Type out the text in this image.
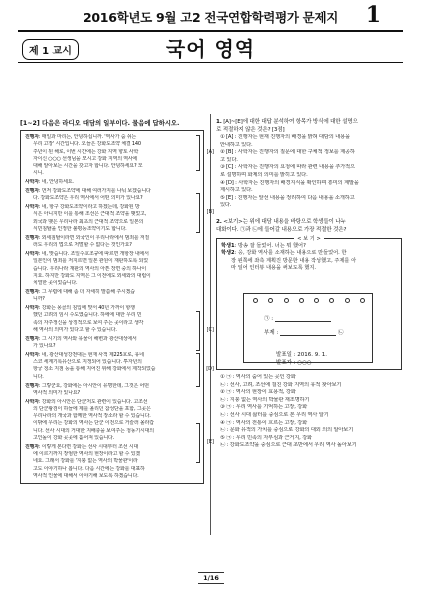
2016학년도 9월 고2 전국연합학력평가 문제지	1
제 1 교시	국어 영역
[1~2] 다음은 라디오 대담의 일부이다. 물음에 답하시오.
진행자: 매일과 마리는, 안녕하십니까. '역사가 숨 쉬는
우리 고장' 시간입니다. 오늘은 강화도조약 체결 140
주년이 된 해로, 이번 시간에는 강화 지역 향토 사학
자이신 ○○○ 선생님을 모시고 강화 지역의 역사에
대해 알아보는 시간을 갖고자 합니다. 안녕하세요? 모
시니.
사학자: 네, 안녕하세요.
진행자: 먼저 강화도조약에 대해 여러가지를 나눠 보겠습니다
다. 강화도조약은 우리 역사에서 어떤 의미가 있나요?
사학자: 네, 항구 강화도조약이라고 하겠는데, 강화된 방
식은 아니지만 이를 통해 조선은 근대적 조약을 맺었고,
외국과 맺은 우리나라 최초의 근대적 조약으로 일본의
식민침탈을 인정한 불평등조약이기도 합니다.
진행자: 외세침탈이라면 외국인이 우리나라에서 범죄를 저질
러도 우리의 법으로 처벌할 수 없다는 것인가요?
사학자: 네, 맞습니다. 조일수호조규에 따르면 개항장 내에서
일본인이 범죄를 저지르면 일본 관원이 재판하도록 되었
습니다. 우리나라 재판의 역사의 아픈 장면 중의 하나이
지요. 하지만 강화도 지역은 그 이전에도 외세와의 대립이
치열한 곳이었습니다.
진행자: 그 무렵에 대해 좀 더 자세히 말씀해 주시겠습
니까?
사학자: 강화는 몽골의 침입에 맞서 40년 가까이 항쟁
했던 고려의 임시 수도였습니다. 하에에 대한 우리 민
족의 자주정신을 상징적으로 보여 주는 곳이라고 생각
해 역사의 의미가 있다고 할 수 있습니다.
진행자: 그 시기의 역사와 유물이 해변과 광산대성에서
가 있나요?
사학자: 네, 광산대성강천대는 현재 사적 제225호로, 유네
스코 세계기록유산으로 지정되어 있습니다. 투자년의
항궁 청소 지점 등을 통해 지어진 위해 강화에서 제작되었습
니다.
진행자: 그렇군요, 강화에는 아시안이 유명한데, 그것은 어떤
역사적 의미가 있나요?
사학자: 강화의 아시안은 단군처도 관련이 있습니다. 고조선
의 단군왕검이 하늘에 제를 올리던 참성단을 포함, 그곳은
우리나라의 개국과 함께한 역사적 장소라 할 수 있습니다.
이밖에 우리는 강화의 역사는 단군 이전으로 거슬러 올라갑
니다. 선사 시대의 거대한 지배층을 보여주는 청동기시대의
고인돌이 강화 곳곳에 흩어져 있습니다.
진행자: 이렇게 본다면 강화는 선사 시대부터 조선 시대
에 이르기까지 장엄한 역사의 현장이라고 할 수 있겠
네요. 그래서 강화를 '지붕 없는 역사의 박물관'이라
고도 이야기하나 봅니다. 다음 시간에는 강화를 대표하
역사적 인물에 대해서 이야기해 보도록 하겠습니다.
[A]
[B]
[C]
[D]
[E]
1. [A]~[E]에 대한 대답 분석하여 항목가 방식에 대한 설명으
로 적절하지 않은 것은? [3점]
① [A] : 진행자는 현재 진행자의 배경을 밝혀 대담의 내용을
안내하고 있다.
② [B] : 사학자는 진행자의 질문에 대한 구체적 정보를 제공하
고 있다.
③ [C] : 사학자는 진행자의 요청에 따라 관련 내용을 추가적으
로 설명하며 화제의 의미를 밝히고 있다.
④ [D] : 사학자는 진행자의 배경지식을 확인하며 흥미의 계발을
제시하고 있다.
⑤ [E] : 진행자는 앞선 내용을 정리하여 다음 내용을 소개하고
있다.
2. <보기>는 위에 대담 내용을 바탕으로 학생들이 나누
대화이다. ㉠과 ㉡에 들어갈 내용으로 가장 적절한 것은?
< 보 기 >
학생1: 방송 잘 들었어. 너는 뭐 했어?
학생2: 응, 강화 역사를 소재하는 내용으로 만들었어. 한
장 왼쪽에 좌측 계획진 방문한 내용 작성했고, 주제를 아
마 일어 인터뷰 내용을 써보도록 했지.
㉠ :
부제 :	㉡
발표일 : 2016. 9. 1.
발표자 : ○○○
① ㉠ : 역사의 숨어 있는 곳인 강화
㉡ : 선사, 고려, 조선에 걸친 강화 지역의 유적 찾아보기
② ㉠ : 역사의 현장이 효용적, 강화
㉡ : 지붕 없는 역사의 박물관 재조명하기
③ ㉠ : 우리 역사를 기억하는 고장, 강화
㉡ : 선사 시대 삶터를 중심으로 본 우리 역사 알기
④ ㉠ : 역사의 전통이 흐르는 고장, 강화
㉡ : 문화 유적의 가치를 중심으로 강화의 대외 의의 알아보기
⑤ ㉠ : 우리 민족의 자부심과 근거지, 강화
㉡ : 강화도조약을 중심으로 근대 초반에서 우리 역사 돌아보기
1/16
